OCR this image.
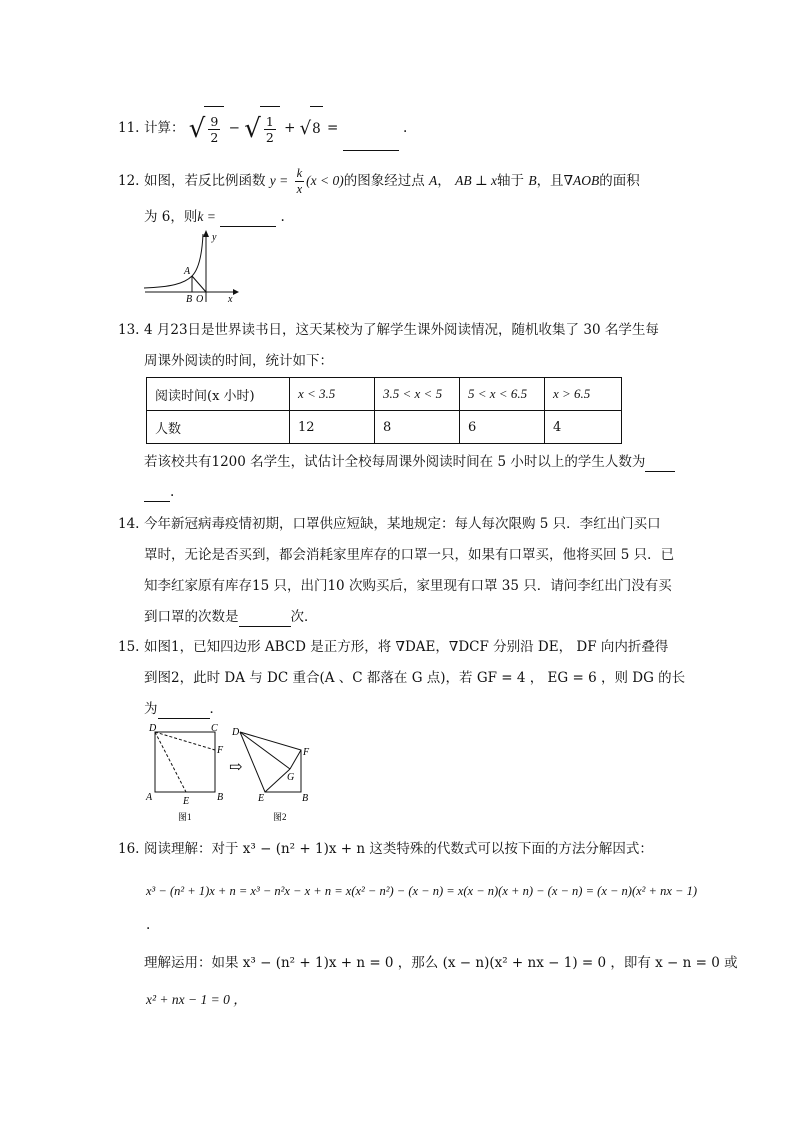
11. 计算： √ $\frac{9}{2}$ − √ $\frac{1}{2}$ + √ 8 =	.
12. 如图，若反比例函数 $y = \frac{k}{x} (x < 0)$的图象经过点 A， AB ⊥ x轴于 B，且∇AOB的面积
为 6，则k =	.
y
x
A
B O
13. 4 月23日是世界读书日，这天某校为了解学生课外阅读情况，随机收集了 30 名学生每
周课外阅读的时间，统计如下：
阅读时间(x 小时)	x < 3.5	3.5 < x < 5	5 < x < 6.5	x > 6.5
人数	12	8	6	4
若该校共有1200 名学生，试估计全校每周课外阅读时间在 5 小时以上的学生人数为
.
14. 今年新冠病毒疫情初期，口罩供应短缺，某地规定：每人每次限购 5 只．李红出门买口
罩时，无论是否买到，都会消耗家里库存的口罩一只，如果有口罩买，他将买回 5 只．已
知李红家原有库存15 只，出门10 次购买后，家里现有口罩 35 只．请问李红出门没有买
到口罩的次数是	次．
15. 如图1，已知四边形 ABCD 是正方形，将 ∇DAE，∇DCF 分别沿 DE， DF 向内折叠得
到图2，此时 DA 与 DC 重合(A 、C 都落在 G 点)，若 GF = 4 ， EG = 6 ，则 DG 的长
为	．
D	C
F
A	E	B
图1
⇨
D
F
G
E	B
图2
16. 阅读理解：对于 x³ − (n² + 1)x + n 这类特殊的代数式可以按下面的方法分解因式：
x³ − (n² + 1)x + n = x³ − n²x − x + n = x(x² − n²) − (x − n) = x(x − n)(x + n) − (x − n) = (x − n)(x² + nx − 1)
.
理解运用：如果 x³ − (n² + 1)x + n = 0 ，那么 (x − n)(x² + nx − 1) = 0 ，即有 x − n = 0 或
x² + nx − 1 = 0 ，
